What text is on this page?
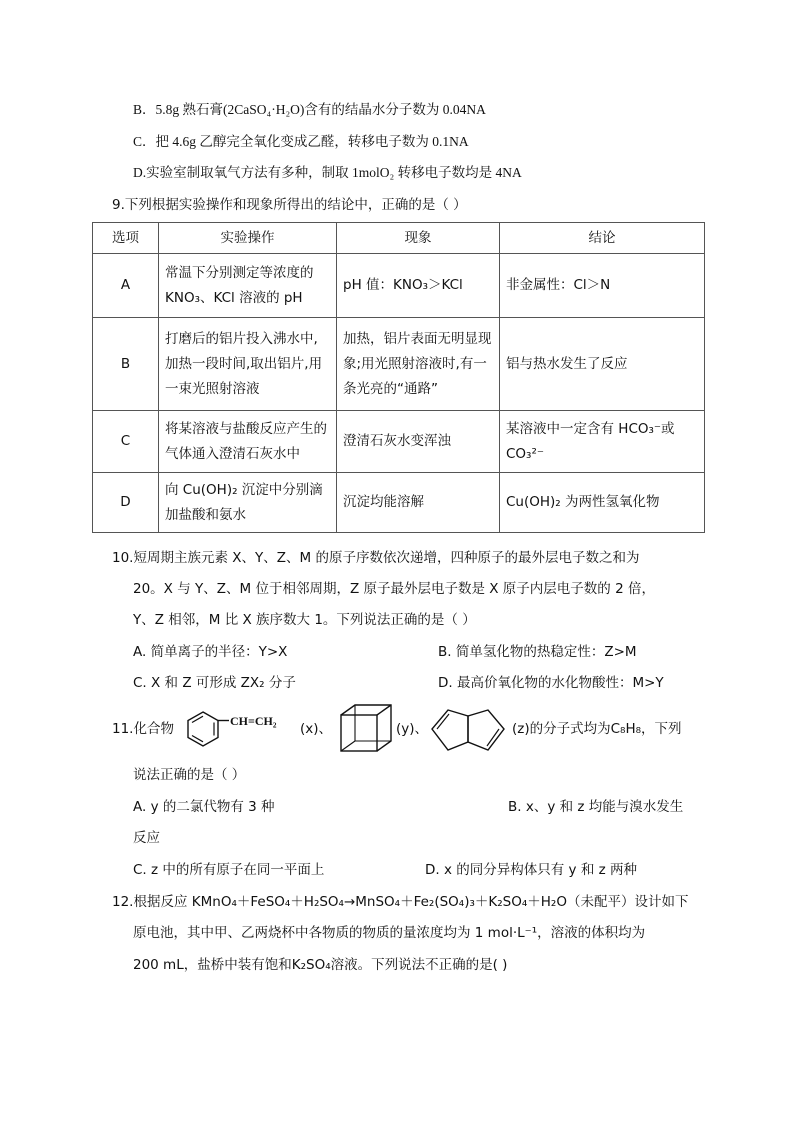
B．5.8g 熟石膏(2CaSO₄·H₂O)含有的结晶水分子数为 0.04NA
C．把 4.6g 乙醇完全氧化变成乙醛，转移电子数为 0.1NA
D.实验室制取氧气方法有多种，制取 1molO₂ 转移电子数均是 4NA
9.下列根据实验操作和现象所得出的结论中，正确的是（ ）
选项	实验操作	现象	结论
A	常温下分别测定等浓度的KNO₃、KCl 溶液的 pH	pH 值：KNO₃＞KCl	非金属性：Cl＞N
B	打磨后的铝片投入沸水中,加热一段时间,取出铝片,用一束光照射溶液	加热，铝片表面无明显现象;用光照射溶液时,有一条光亮的“通路”	铝与热水发生了反应
C	将某溶液与盐酸反应产生的气体通入澄清石灰水中	澄清石灰水变浑浊	某溶液中一定含有 HCO₃⁻或 CO₃²⁻
D	向 Cu(OH)₂ 沉淀中分别滴加盐酸和氨水	沉淀均能溶解	Cu(OH)₂ 为两性氢氧化物
10.短周期主族元素 X、Y、Z、M 的原子序数依次递增，四种原子的最外层电子数之和为
20。X 与 Y、Z、M 位于相邻周期，Z 原子最外层电子数是 X 原子内层电子数的 2 倍，
Y、Z 相邻，M 比 X 族序数大 1。下列说法正确的是（ ）
A. 简单离子的半径：Y>X	B. 简单氢化物的热稳定性：Z>M
C. X 和 Z 可形成 ZX₂ 分子	D. 最高价氧化物的水化物酸性：M>Y
11.化合物	CH=CH₂ (x)、	(y)、	(z)的分子式均为C₈H₈，下列
说法正确的是（ ）
A. y 的二氯代物有 3 种	B. x、y 和 z 均能与溴水发生
反应
C. z 中的所有原子在同一平面上	D. x 的同分异构体只有 y 和 z 两种
12.根据反应 KMnO₄＋FeSO₄＋H₂SO₄→MnSO₄＋Fe₂(SO₄)₃＋K₂SO₄＋H₂O（未配平）设计如下
原电池，其中甲、乙两烧杯中各物质的物质的量浓度均为 1 mol·L⁻¹，溶液的体积均为
200 mL，盐桥中装有饱和K₂SO₄溶液。下列说法不正确的是( )
